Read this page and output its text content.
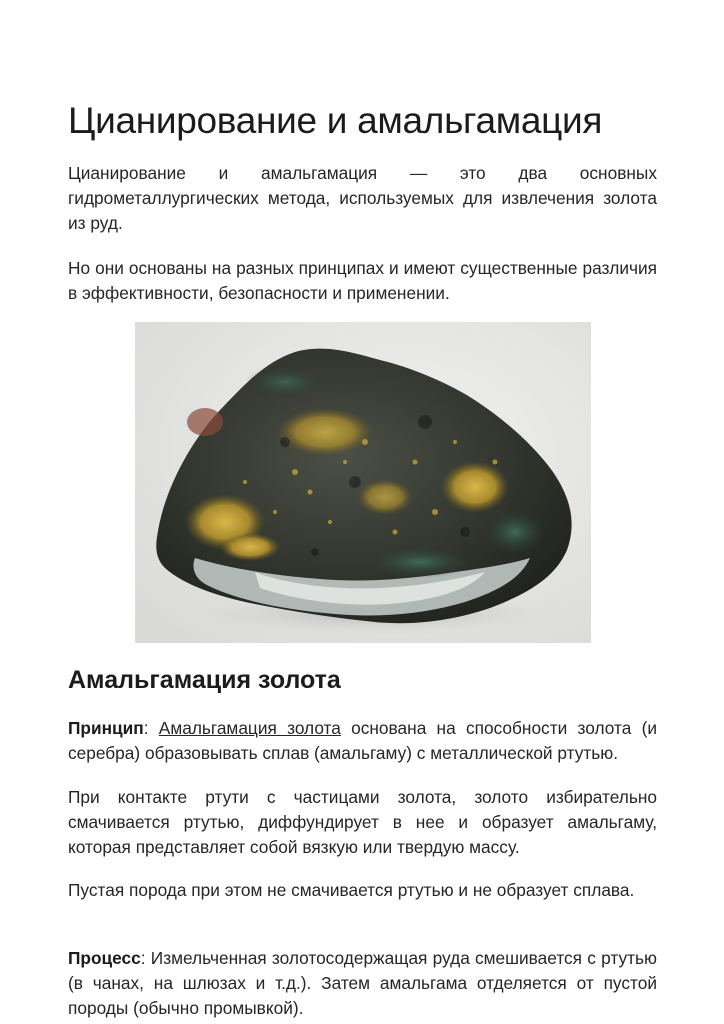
Цианирование и амальгамация

Цианирование и амальгамация — это два основных гидрометаллургических метода, используемых для извлечения золота из руд.

Но они основаны на разных принципах и имеют существенные различия в эффективности, безопасности и применении.

Амальгамация золота

Принцип: Амальгамация золота основана на способности золота (и серебра) образовывать сплав (амальгаму) с металлической ртутью.

При контакте ртути с частицами золота, золото избирательно смачивается ртутью, диффундирует в нее и образует амальгаму, которая представляет собой вязкую или твердую массу.

Пустая порода при этом не смачивается ртутью и не образует сплава.

Процесс: Измельченная золотосодержащая руда смешивается с ртутью (в чанах, на шлюзах и т.д.). Затем амальгама отделяется от пустой породы (обычно промывкой).
